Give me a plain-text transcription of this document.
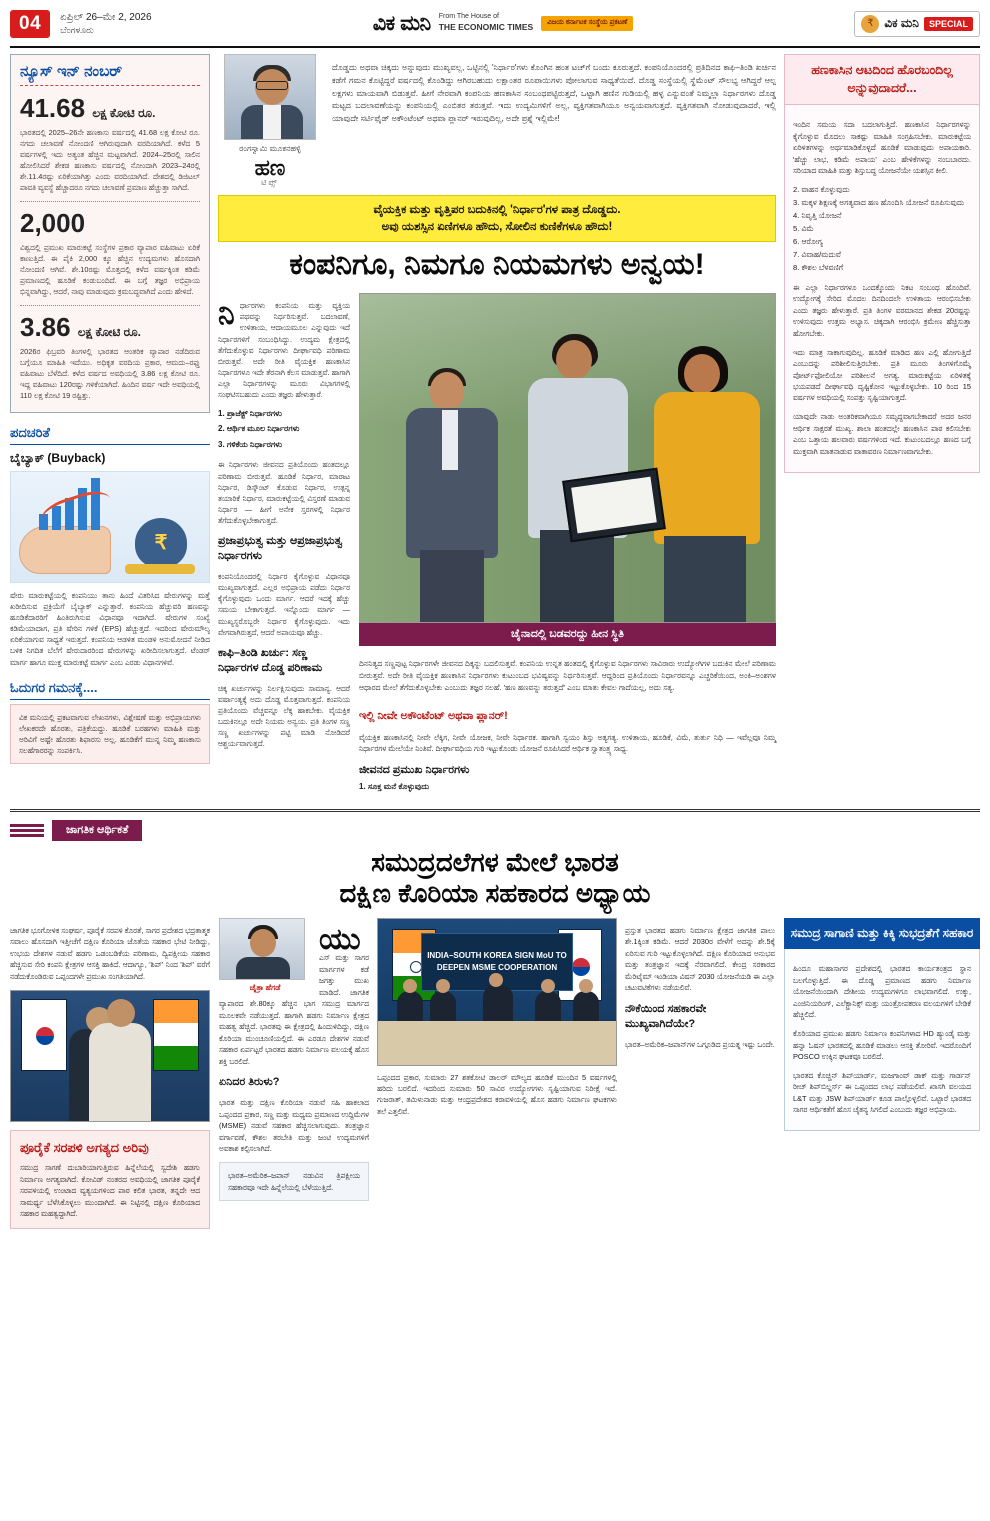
04	ಏಪ್ರಿಲ್ 26–ಮೇ 2, 2026
ಬೆಂಗಳೂರು	ವಿಕ ಮನಿ From The House of
THE ECONOMIC TIMES	ವಿಜಯ ಕರ್ನಾಟಕ ಸಂಸ್ಥೆಯ ಪ್ರಕಟಣೆ	₹ ವಿಕ ಮನಿ	SPECIAL
ನ್ಯೂಸ್ ಇನ್ ನಂಬರ್
41.68 ಲಕ್ಷ ಕೋಟಿ ರೂ.

ಭಾರತದಲ್ಲಿ 2025–26ನೇ ಹಣಕಾಸು ವರ್ಷದಲ್ಲಿ 41.68 ಲಕ್ಷ ಕೋಟಿ ರೂ. ನಗದು ಚಲಾವಣೆ ನೋಂದಣಿ ಆಗಿರುವುದಾಗಿ ವರದಿಯಾಗಿದೆ. ಕಳೆದ 5 ವರ್ಷಗಳಲ್ಲಿ ಇದು ಅತ್ಯಂತ ಹೆಚ್ಚಿನ ಮಟ್ಟವಾಗಿದೆ. 2024–25ರಲ್ಲಿ ಸಾಲಿನ ಹೋಲಿಸಿದರೆ ಶೇಕಡ ಹಣಕಾಸು ವರ್ಷದಲ್ಲಿ ನೋಂದಾಗಿ 2023–24ರಲ್ಲಿ ಶೇ.11.4ರಷ್ಟು ಏರಿಕೆಯಾಗಿತ್ತು ಎಂದು ವರದಿಯಾಗಿದೆ. ದೇಶದಲ್ಲಿ ಡಿಜಿಟಲ್ ಪಾವತಿ ವ್ಯವಸ್ಥೆ ಹೆಚ್ಚಾದರೂ ನಗದು ಚಲಾವಣೆ ಪ್ರಮಾಣ ಹೆಚ್ಚುತ್ತಾ ಸಾಗಿದೆ.

2,000

ವಿಶ್ವದಲ್ಲಿ ಪ್ರಮುಖ ಮಾರುಕಟ್ಟೆ ಸಂಸ್ಥೆಗಳ ಪ್ರಕಾರ ವ್ಯಾಪಾರ ವಹಿವಾಟು ಏರಿಕೆ ಕಾಣುತ್ತಿದೆ. ಈ ಪೈಕಿ 2,000 ಕ್ಕೂ ಹೆಚ್ಚಿನ ಉದ್ಯಮಗಳು ಹೊಸದಾಗಿ ನೋಂದಣಿ ಆಗಿವೆ. ಶೇ.10ರಷ್ಟು ಮೊತ್ತದಲ್ಲಿ ಕಳೆದ ವರ್ಷಕ್ಕಿಂತ ಕಡಿಮೆ ಪ್ರಮಾಣದಲ್ಲಿ ಹೂಡಿಕೆ ಕಂಡುಬಂದಿದೆ. ಈ ಬಗ್ಗೆ ತಜ್ಞರ ಅಭಿಪ್ರಾಯ ಭಿನ್ನವಾಗಿದ್ದು, ಆದರೆ, ನಾವು ಮಾಡುವುದು ಕ್ರಮಬದ್ಧವಾಗಿದೆ ಎಂದು ಹೇಳಿದೆ.

3.86 ಲಕ್ಷ ಕೋಟಿ ರೂ.

2026ರ ಫಿಬ್ರವರಿ ತಿಂಗಳಲ್ಲಿ ಭಾರತದ ಆಂತರಿಕ ವ್ಯಾಪಾರ ನಡೆದಿರುವ ಬಗ್ಗೆಯೂ ಮಾಹಿತಿ ಇದೆಯು. ಅಧಿಕೃತ ವರದಿಯ ಪ್ರಕಾರ, ಆಮದು–ರಫ್ತು ವಹಿವಾಟು ಬೆಳೆದಿದೆ. ಕಳೆದ ವರ್ಷದ ಅವಧಿಯಲ್ಲಿ 3.86 ಲಕ್ಷ ಕೋಟಿ ರೂ. ಇದ್ದ ವಹಿವಾಟು 120ರಷ್ಟು ಗಳಿಕೆಯಾಗಿದೆ. ಹಿಂದಿನ ವರ್ಷ ಇದೇ ಅವಧಿಯಲ್ಲಿ 110 ಲಕ್ಷ ಕೋಟಿ 19 ರಷ್ಟಿತ್ತು.

ಪದಚರಿತೆ
ಬೈಬ್ಯಾಕ್ (Buyback)
₹

ಷೇರು ಮಾರುಕಟ್ಟೆಯಲ್ಲಿ ಕಂಪನಿಯು ತಾನು ಹಿಂದೆ ವಿತರಿಸಿದ ಷೇರುಗಳನ್ನು ಮತ್ತೆ ಖರೀದಿಸುವ ಪ್ರಕ್ರಿಯೆಗೆ ಬೈಬ್ಯಾಕ್ ಎನ್ನುತ್ತಾರೆ. ಕಂಪನಿಯ ಹೆಚ್ಚುವರಿ ಹಣವನ್ನು ಹೂಡಿಕೆದಾರರಿಗೆ ಹಿಂತಿರುಗಿಸುವ ವಿಧಾನವೂ ಇದಾಗಿದೆ. ಷೇರುಗಳ ಸಂಖ್ಯೆ ಕಡಿಮೆಯಾದಾಗ, ಪ್ರತಿ ಷೇರಿನ ಗಳಿಕೆ (EPS) ಹೆಚ್ಚುತ್ತದೆ. ಇದರಿಂದ ಷೇರುಮೌಲ್ಯ ಏರಿಕೆಯಾಗುವ ಸಾಧ್ಯತೆ ಇರುತ್ತದೆ. ಕಂಪನಿಯ ಆಡಳಿತ ಮಂಡಳಿ ಅನುಮೋದನೆ ನೀಡಿದ ಬಳಿಕ ನಿಗದಿತ ಬೆಲೆಗೆ ಷೇರುದಾರರಿಂದ ಷೇರುಗಳನ್ನು ಖರೀದಿಸಲಾಗುತ್ತದೆ. ಟೆಂಡರ್ ಮಾರ್ಗ ಹಾಗೂ ಮುಕ್ತ ಮಾರುಕಟ್ಟೆ ಮಾರ್ಗ ಎಂಬ ಎರಡು ವಿಧಾನಗಳಿವೆ.

ಓದುಗರ ಗಮನಕ್ಕೆ....

ವಿಕ ಮನಿಯಲ್ಲಿ ಪ್ರಕಟವಾಗುವ ಲೇಖನಗಳು, ವಿಶ್ಲೇಷಣೆ ಮತ್ತು ಅಭಿಪ್ರಾಯಗಳು ಲೇಖಕರದೇ ಹೊರತು, ಪತ್ರಿಕೆಯದ್ದು. ಹೂಡಿಕೆ ಬರಹಗಳು ಮಾಹಿತಿ ಮತ್ತು ಅರಿವಿಗೆ ಅಷ್ಟೇ ಹೊರತು ಶಿಫಾರಸು ಅಲ್ಲ. ಹೂಡಿಕೆಗೆ ಮುನ್ನ ನಿಮ್ಮ ಹಣಕಾಸು ಸಲಹೆಗಾರರನ್ನು ಸಂಪರ್ಕಿಸಿ.

ರಂಗಸ್ವಾಮಿ ಮೂಕನಹಳ್ಳಿ
ಹಣ
ಟಿಪ್ಸ್

ದೊಡ್ಡದು ಅಥವಾ ಚಿಕ್ಕದು ಅನ್ನುವುದು ಮುಖ್ಯವಲ್ಲ, ಒಟ್ಟಿನಲ್ಲಿ 'ನಿರ್ಧಾರ'ಗಳು ಕೊಂಗಿನ ಹಂತ ಟಚ್‌ಗೆ ಬಂದು ಕೂರುತ್ತದೆ. ಕಂಪನಿಯೊಂದರಲ್ಲಿ ಪ್ರತಿದಿನದ ಕಾಫಿ–ತಿಂಡಿ ಖರ್ಚಿನ ಕಡೆಗೆ ಗಮನ ಕೊಟ್ಟಿದ್ದರೆ ವರ್ಷದಲ್ಲಿ ಕೊಂಡಿದ್ದು ಆಗಿರಬಹುದು ಲಕ್ಷಾಂತರ ರೂಪಾಯಿಗಳು ಪೋಲಾಗುವ ಸಾಧ್ಯತೆಯಿದೆ. ದೊಡ್ಡ ಸಂಸ್ಥೆಯಲ್ಲಿ ಸ್ಥೆಮೆಂಟ್ ಸೌಲಭ್ಯ ಆಗಿದ್ದರೆ ಆಲ್ಪ ಲಕ್ಷಗಳು ಮಾಯವಾಗಿ ಬಿಡುತ್ತವೆ. ಹೀಗೆ ನೇರವಾಗಿ ಕಂಪನಿಯ ಹಣಕಾಸಿನ ಸಂಬಂಧಪಟ್ಟಿರುತ್ತದೆ, ಒಟ್ಟಾಗಿ ಹಣಿನ ಗುಡಿಯಲ್ಲಿ ಹಳ್ಳ ಎನ್ನುವಂತೆ ನಿಮ್ಮಲ್ಲಾ ನಿರ್ಧಾರಗಳು ದೊಡ್ಡ ಮಟ್ಟದ ಬದಲಾವಣೆಯನ್ನು ಕಂಪನಿಯಲ್ಲಿ ಎಂಬಿತರ ತರುತ್ತವೆ. ಇದು ಉದ್ಯಮಿಗಳಿಗೆ ಅಲ್ಲ, ವ್ಯಕ್ತಿಗತವಾಗಿಯೂ ಅನ್ವಯವಾಗುತ್ತದೆ. ವ್ಯಕ್ತಿಗತವಾಗಿ ನೋಡುವುದಾದರೆ, ಇಲ್ಲಿ ಯಾವುದೇ ಸರ್ಟಿಫೈಡ್ ಅಕೌಂಟೆಂಟ್ ಅಥವಾ ಪ್ಲಾನರ್ ಇರುವುದಿಲ್ಲ, ಅದೇ ಪ್ರಶ್ನೆ ಇಲ್ಲಿಮೇ!

ವೈಯಕ್ತಿಕ ಮತ್ತು ವೃತ್ತಿಪರ ಬದುಕಿನಲ್ಲಿ 'ನಿರ್ಧಾರ'ಗಳ ಪಾತ್ರ ದೊಡ್ಡದು.

ಅವು ಯಶಸ್ಸಿನ ಏಣಿಗಳೂ ಹೌದು, ಸೋಲಿನ ಕುಣಿಕೆಗಳೂ ಹೌದು!

ಕಂಪನಿಗೂ, ನಿಮಗೂ ನಿಯಮಗಳು ಅನ್ವಯ!

ನಿ ರ್ಧಾರಗಳು ಕಂಪನಿಯ ಮತ್ತು ವ್ಯಕ್ತಿಯ ಪಥವನ್ನು ನಿರ್ಧರಿಸುತ್ತವೆ. ಬದಲಾವಣೆ, ಉಳಿತಾಯ, ಆದಾಯಮೂಲ ಎನ್ನುವುದು ಇದೆ ನಿರ್ಧಾರಗಳಿಗೆ ಸಂಬಂಧಿಸಿದ್ದು. ಉದ್ಯಮ ಕ್ಷೇತ್ರದಲ್ಲಿ ತೆಗೆದುಕೊಳ್ಳುವ ನಿರ್ಧಾರಗಳು ದೀರ್ಘಾವಧಿ ಪರಿಣಾಮ ಬೀರುತ್ತವೆ. ಅದೇ ರೀತಿ ವೈಯಕ್ತಿಕ ಹಣಕಾಸಿನ ನಿರ್ಧಾರಗಳೂ ಇದೇ ತೆರನಾಗಿ ಕೆಲಸ ಮಾಡುತ್ತವೆ. ಹಾಗಾಗಿ ಎಲ್ಲಾ ನಿರ್ಧಾರಗಳನ್ನು ಮೂರು ವಿಭಾಗಗಳಲ್ಲಿ ಸಂಘಟಿಸಬಹುದು ಎಂದು ತಜ್ಞರು ಹೇಳುತ್ತಾರೆ.

1. ಪ್ರಾಜೆಕ್ಟ್ ನಿರ್ಧಾರಗಳು
2. ಆರ್ಥಿಕ ಮೂಲ ನಿರ್ಧಾರಗಳು
3. ಗಳಿಕೆಯ ನಿರ್ಧಾರಗಳು

ಈ ನಿರ್ಧಾರಗಳು ಜೀವನದ ಪ್ರತಿಯೊಂದು ಹಂತದಲ್ಲೂ ಪರಿಣಾಮ ಬೀರುತ್ತವೆ. ಹೂಡಿಕೆ ನಿರ್ಧಾರ, ಮಾರಾಟ ನಿರ್ಧಾರ, ಡಿಸ್ಕೌಂಟ್ ಕೊಡುವ ನಿರ್ಧಾರ, ಉತ್ಪನ್ನ ತಯಾರಿಕೆ ನಿರ್ಧಾರ, ಮಾರುಕಟ್ಟೆಯಲ್ಲಿ ವಿಸ್ತರಣೆ ಮಾಡುವ ನಿರ್ಧಾರ — ಹೀಗೆ ಅನೇಕ ಸ್ತರಗಳಲ್ಲಿ ನಿರ್ಧಾರ ತೆಗೆದುಕೊಳ್ಳಬೇಕಾಗುತ್ತದೆ.

ಪ್ರಜಾಪ್ರಭುತ್ವ ಮತ್ತು ಆಪ್ರಜಾಪ್ರಭುತ್ವ ನಿರ್ಧಾರಗಳು

ಕಂಪನಿಯೊಂದರಲ್ಲಿ ನಿರ್ಧಾರ ಕೈಗೊಳ್ಳುವ ವಿಧಾನವೂ ಮುಖ್ಯವಾಗುತ್ತದೆ. ಎಲ್ಲರ ಅಭಿಪ್ರಾಯ ಪಡೆದು ನಿರ್ಧಾರ ಕೈಗೊಳ್ಳುವುದು ಒಂದು ಮಾರ್ಗ. ಆದರೆ ಇದಕ್ಕೆ ಹೆಚ್ಚು ಸಮಯ ಬೇಕಾಗುತ್ತದೆ. ಇನ್ನೊಂದು ಮಾರ್ಗ — ಮುಖ್ಯಸ್ಥರೊಬ್ಬರೇ ನಿರ್ಧಾರ ಕೈಗೊಳ್ಳುವುದು. ಇದು ವೇಗವಾಗಿರುತ್ತದೆ, ಆದರೆ ಅಪಾಯವೂ ಹೆಚ್ಚು.

ಕಾಫಿ–ತಿಂಡಿ ಖರ್ಚು: ಸಣ್ಣ ನಿರ್ಧಾರಗಳ ದೊಡ್ಡ ಪರಿಣಾಮ

ಚಿಕ್ಕ ಖರ್ಚುಗಳನ್ನು ನಿರ್ಲಕ್ಷಿಸುವುದು ಸಾಮಾನ್ಯ. ಆದರೆ ವರ್ಷಾಂತ್ಯಕ್ಕೆ ಅದು ದೊಡ್ಡ ಮೊತ್ತವಾಗುತ್ತದೆ. ಕಂಪನಿಯ ಪ್ರತಿಯೊಂದು ವೆಚ್ಚವನ್ನೂ ಲೆಕ್ಕ ಹಾಕಬೇಕು. ವೈಯಕ್ತಿಕ ಬದುಕಿನಲ್ಲೂ ಅದೇ ನಿಯಮ ಅನ್ವಯ. ಪ್ರತಿ ತಿಂಗಳ ಸಣ್ಣ ಸಣ್ಣ ಖರ್ಚುಗಳನ್ನು ಪಟ್ಟಿ ಮಾಡಿ ನೋಡಿದರೆ ಆಶ್ಚರ್ಯವಾಗುತ್ತದೆ.

ಚೈನಾದಲ್ಲಿ ಬಡವರದ್ದು ಹೀನ ಸ್ಥಿತಿ

ದಿನನಿತ್ಯದ ಸಣ್ಣಪುಟ್ಟ ನಿರ್ಧಾರಗಳೇ ಜೀವನದ ದಿಕ್ಕನ್ನು ಬದಲಿಸುತ್ತವೆ. ಕಂಪನಿಯ ಉನ್ನತ ಹಂತದಲ್ಲಿ ಕೈಗೊಳ್ಳುವ ನಿರ್ಧಾರಗಳು ಸಾವಿರಾರು ಉದ್ಯೋಗಿಗಳ ಬದುಕಿನ ಮೇಲೆ ಪರಿಣಾಮ ಬೀರುತ್ತವೆ. ಅದೇ ರೀತಿ ವೈಯಕ್ತಿಕ ಹಣಕಾಸಿನ ನಿರ್ಧಾರಗಳು ಕುಟುಂಬದ ಭವಿಷ್ಯವನ್ನು ನಿರ್ಧರಿಸುತ್ತವೆ. ಆದ್ದರಿಂದ ಪ್ರತಿಯೊಂದು ನಿರ್ಧಾರವನ್ನೂ ಎಚ್ಚರಿಕೆಯಿಂದ, ಅಂಕಿ–ಅಂಶಗಳ ಆಧಾರದ ಮೇಲೆ ತೆಗೆದುಕೊಳ್ಳಬೇಕು ಎಂಬುದು ತಜ್ಞರ ಸಲಹೆ. 'ಹಣ ಹಣವನ್ನು ತರುತ್ತದೆ' ಎಂಬ ಮಾತು ಕೇವಲ ಗಾದೆಯಲ್ಲ, ಅದು ಸತ್ಯ.

ಇಲ್ಲಿ ನೀವೇ ಅಕೌಂಟೆಂಟ್ ಅಥವಾ ಪ್ಲಾನರ್!

ವೈಯಕ್ತಿಕ ಹಣಕಾಸಿನಲ್ಲಿ ನೀವೇ ಲೆಕ್ಕಿಗ, ನೀವೇ ಯೋಜಕ, ನೀವೇ ನಿರ್ಧಾರಕ. ಹಾಗಾಗಿ ಸ್ವಯಂ ಶಿಸ್ತು ಅತ್ಯಗತ್ಯ. ಉಳಿತಾಯ, ಹೂಡಿಕೆ, ವಿಮೆ, ತುರ್ತು ನಿಧಿ — ಇವೆಲ್ಲವೂ ನಿಮ್ಮ ನಿರ್ಧಾರಗಳ ಮೇಲೆಯೇ ನಿಂತಿವೆ. ದೀರ್ಘಾವಧಿಯ ಗುರಿ ಇಟ್ಟುಕೊಂಡು ಯೋಜನೆ ರೂಪಿಸಿದರೆ ಆರ್ಥಿಕ ಸ್ವಾತಂತ್ರ್ಯ ಸಾಧ್ಯ.

ಜೀವನದ ಪ್ರಮುಖ ನಿರ್ಧಾರಗಳು
1. ಸೂಕ್ತ ಮನೆ ಕೊಳ್ಳುವುದು
ಹಣಕಾಸಿನ ಆಟದಿಂದ ಹೊರಬಂದಿಲ್ಲ ಅನ್ನುವುದಾದರೆ...

ಇಂದಿನ ಸಮಯ ಸದಾ ಬದಲಾಗುತ್ತಿದೆ. ಹಣಕಾಸಿನ ನಿರ್ಧಾರಗಳನ್ನು ಕೈಗೊಳ್ಳುವ ಮೊದಲು ಸಾಕಷ್ಟು ಮಾಹಿತಿ ಸಂಗ್ರಹಿಸಬೇಕು. ಮಾರುಕಟ್ಟೆಯ ಏರಿಳಿತಗಳನ್ನು ಅರ್ಥಮಾಡಿಕೊಳ್ಳದೆ ಹೂಡಿಕೆ ಮಾಡುವುದು ಅಪಾಯಕಾರಿ. 'ಹೆಚ್ಚು ಲಾಭ, ಕಡಿಮೆ ಅಪಾಯ' ಎಂಬ ಹೇಳಿಕೆಗಳನ್ನು ನಂಬಬಾರದು. ಸರಿಯಾದ ಮಾಹಿತಿ ಮತ್ತು ಶಿಸ್ತುಬದ್ಧ ಯೋಜನೆಯೇ ಯಶಸ್ಸಿನ ಕೀಲಿ.

2. ವಾಹನ ಕೊಳ್ಳುವುದು
3. ಮಕ್ಕಳ ಶಿಕ್ಷಣಕ್ಕೆ ಅಗತ್ಯವಾದ ಹಣ ಹೊಂದಿಸಿ ಯೋಜನೆ ರೂಪಿಸುವುದು
4. ನಿವೃತ್ತಿ ಯೋಜನೆ
5. ವಿಮೆ
6. ಆರೋಗ್ಯ
7. ವಿವಾಹ/ಮದುವೆ
8. ಕೌಶಲ ಬೆಳವಣಿಗೆ

ಈ ಎಲ್ಲಾ ನಿರ್ಧಾರಗಳೂ ಒಂದಕ್ಕೊಂದು ನಿಕಟ ಸಂಬಂಧ ಹೊಂದಿವೆ. ಉದ್ಯೋಗಕ್ಕೆ ಸೇರಿದ ಮೊದಲ ದಿನದಿಂದಲೇ ಉಳಿತಾಯ ಆರಂಭಿಸಬೇಕು ಎಂದು ತಜ್ಞರು ಹೇಳುತ್ತಾರೆ. ಪ್ರತಿ ತಿಂಗಳ ವರಮಾನದ ಶೇಕಡ 20ರಷ್ಟನ್ನು ಉಳಿಸುವುದು ಉತ್ತಮ ಅಭ್ಯಾಸ. ಚಿಕ್ಕದಾಗಿ ಆರಂಭಿಸಿ ಕ್ರಮೇಣ ಹೆಚ್ಚಿಸುತ್ತಾ ಹೋಗಬೇಕು.

ಇದು ಮಾತ್ರ ಸಾಕಾಗುವುದಿಲ್ಲ. ಹೂಡಿಕೆ ಮಾಡಿದ ಹಣ ಎಲ್ಲಿ ಹೋಗುತ್ತಿದೆ ಎಂಬುದನ್ನು ಪರಿಶೀಲಿಸುತ್ತಿರಬೇಕು. ಪ್ರತಿ ಮೂರು ತಿಂಗಳಿಗೊಮ್ಮೆ ಪೋರ್ಟ್‌ಫೋಲಿಯೋ ಪರಿಶೀಲನೆ ಅಗತ್ಯ. ಮಾರುಕಟ್ಟೆಯ ಏರಿಳಿತಕ್ಕೆ ಭಯಪಡದೆ ದೀರ್ಘಾವಧಿ ದೃಷ್ಟಿಕೋನ ಇಟ್ಟುಕೊಳ್ಳಬೇಕು. 10 ರಿಂದ 15 ವರ್ಷಗಳ ಅವಧಿಯಲ್ಲಿ ಸಂಪತ್ತು ಸೃಷ್ಟಿಯಾಗುತ್ತದೆ.

ಯಾವುದೇ ನಾಡು ಅಂತರಿಕವಾಗಿಯೂ ಸಮೃದ್ಧವಾಗಬೇಕಾದರೆ ಅದರ ಜನರ ಆರ್ಥಿಕ ಸಾಕ್ಷರತೆ ಮುಖ್ಯ. ಶಾಲಾ ಹಂತದಲ್ಲೇ ಹಣಕಾಸಿನ ಪಾಠ ಕಲಿಸಬೇಕು ಎಂಬ ಒತ್ತಾಯ ಹಲವಾರು ವರ್ಷಗಳಿಂದ ಇದೆ. ಕುಟುಂಬದಲ್ಲೂ ಹಣದ ಬಗ್ಗೆ ಮುಕ್ತವಾಗಿ ಮಾತನಾಡುವ ವಾತಾವರಣ ನಿರ್ಮಾಣವಾಗಬೇಕು.

ಜಾಗತಿಕ ಆರ್ಥಿಕತೆ
ಸಮುದ್ರದಲೆಗಳ ಮೇಲೆ ಭಾರತ
ದಕ್ಷಿಣ ಕೊರಿಯಾ ಸಹಕಾರದ ಅಧ್ಯಾಯ

ಜಾಗತಿಕ ಭೂಗೋಳಿಕ ಸಂಘರ್ಷ, ಪೂರೈಕೆ ಸರಪಳಿ ಕೊರತೆ, ಸಾಗರ ಪ್ರದೇಶದ ಭದ್ರತಾತ್ಮಕ ಸವಾಲು ಹೊಸದಾಗಿ ಇತ್ತೀಚೆಗೆ ದಕ್ಷಿಣ ಕೊರಿಯಾ ಜೊತೆಯ ಸಹಕಾರ ಭೇಟಿ ನೀಡಿದ್ದು, ಉಭಯ ದೇಶಗಳ ನಡುವೆ ಹಡಗು ಒಡಂಬಡಿಕೆಯ ಪರಿಣಾಮ, ದ್ವಿಪಕ್ಷೀಯ ಸಹಕಾರ ಹೆಚ್ಚಿಸುವ ಸೇರಿ ಕಂಪನಿ ಕ್ಷೇತ್ರಗಳ ಆಸಕ್ತಿ ಹಾಕಿದೆ. ಆದಾಗ್ಯೂ, 'ಶಿಪ್' ನಿಂದ 'ಶಿಪ್' ವರೆಗೆ ನಡೆದುಕೊಂಡಿರುವ ಒಪ್ಪಂದಗಳೇ ಪ್ರಮುಖ ಸಂಗತಿಯಾಗಿದೆ.

ಪೂರೈಕೆ ಸರಪಳಿ ಅಗತ್ಯದ ಅರಿವು

ಸಮುದ್ರ ಸಾಗಣೆ ದುಬಾರಿಯಾಗುತ್ತಿರುವ ಹಿನ್ನೆಲೆಯಲ್ಲಿ ಸ್ವದೇಶಿ ಹಡಗು ನಿರ್ಮಾಣ ಅಗತ್ಯವಾಗಿದೆ. ಕೋವಿಡ್ ನಂತರದ ಅವಧಿಯಲ್ಲಿ ಜಾಗತಿಕ ಪೂರೈಕೆ ಸರಪಳಿಯಲ್ಲಿ ಉಂಟಾದ ವ್ಯತ್ಯಯಗಳಿಂದ ಪಾಠ ಕಲಿತ ಭಾರತ, ತನ್ನದೇ ಆದ ಸಾಮರ್ಥ್ಯ ಬೆಳೆಸಿಕೊಳ್ಳಲು ಮುಂದಾಗಿದೆ. ಈ ನಿಟ್ಟಿನಲ್ಲಿ ದಕ್ಷಿಣ ಕೊರಿಯಾದ ಸಹಕಾರ ಮಹತ್ವದ್ದಾಗಿದೆ.

ಚೈತ್ರಾ ಹೆಗಡೆ

ಯು
ಎಸ್ ಮತ್ತು ಸಾಗರ ಮಾರ್ಗಗಳ ಕಡೆ ಜಗತ್ತು ಮುಖ ಮಾಡಿದೆ. ಜಾಗತಿಕ ವ್ಯಾಪಾರದ ಶೇ.80ಕ್ಕೂ ಹೆಚ್ಚಿನ ಭಾಗ ಸಮುದ್ರ ಮಾರ್ಗದ ಮೂಲಕವೇ ನಡೆಯುತ್ತದೆ. ಹಾಗಾಗಿ ಹಡಗು ನಿರ್ಮಾಣ ಕ್ಷೇತ್ರದ ಮಹತ್ವ ಹೆಚ್ಚಿದೆ. ಭಾರತವು ಈ ಕ್ಷೇತ್ರದಲ್ಲಿ ಹಿಂದುಳಿದಿದ್ದು, ದಕ್ಷಿಣ ಕೊರಿಯಾ ಮುಂಚೂಣಿಯಲ್ಲಿದೆ. ಈ ಎರಡೂ ದೇಶಗಳ ನಡುವೆ ಸಹಕಾರ ಏರ್ಪಟ್ಟರೆ ಭಾರತದ ಹಡಗು ನಿರ್ಮಾಣ ವಲಯಕ್ಕೆ ಹೊಸ ಶಕ್ತಿ ಬರಲಿದೆ.

ಏನಿದರ ತಿರುಳು?

ಭಾರತ ಮತ್ತು ದಕ್ಷಿಣ ಕೊರಿಯಾ ನಡುವೆ ಸಹಿ ಹಾಕಲಾದ ಒಪ್ಪಂದದ ಪ್ರಕಾರ, ಸಣ್ಣ ಮತ್ತು ಮಧ್ಯಮ ಪ್ರಮಾಣದ ಉದ್ದಿಮೆಗಳ (MSME) ನಡುವೆ ಸಹಕಾರ ಹೆಚ್ಚಿಸಲಾಗುವುದು. ತಂತ್ರಜ್ಞಾನ ವರ್ಗಾವಣೆ, ಕೌಶಲ ತರಬೇತಿ ಮತ್ತು ಜಂಟಿ ಉದ್ಯಮಗಳಿಗೆ ಅವಕಾಶ ಕಲ್ಪಿಸಲಾಗಿದೆ.

ಭಾರತ–ಅಮೆರಿಕ–ಜಪಾನ್ ನಡುವಿನ ತ್ರಿಪಕ್ಷೀಯ ಸಹಕಾರವೂ ಇದೇ ಹಿನ್ನೆಲೆಯಲ್ಲಿ ಬೆಳೆಯುತ್ತಿದೆ.

INDIA–SOUTH KOREA SIGN MoU TO DEEPEN MSME COOPERATION

ಒಪ್ಪಂದದ ಪ್ರಕಾರ, ಸುಮಾರು 27 ಶತಕೋಟಿ ಡಾಲರ್ ಮೌಲ್ಯದ ಹೂಡಿಕೆ ಮುಂದಿನ 5 ವರ್ಷಗಳಲ್ಲಿ ಹರಿದು ಬರಲಿದೆ. ಇದರಿಂದ ಸುಮಾರು 50 ಸಾವಿರ ಉದ್ಯೋಗಗಳು ಸೃಷ್ಟಿಯಾಗುವ ನಿರೀಕ್ಷೆ ಇದೆ. ಗುಜರಾತ್, ತಮಿಳುನಾಡು ಮತ್ತು ಆಂಧ್ರಪ್ರದೇಶದ ಕರಾವಳಿಯಲ್ಲಿ ಹೊಸ ಹಡಗು ನಿರ್ಮಾಣ ಘಟಕಗಳು ತಲೆ ಎತ್ತಲಿವೆ.

ಪ್ರಸ್ತುತ ಭಾರತದ ಹಡಗು ನಿರ್ಮಾಣ ಕ್ಷೇತ್ರದ ಜಾಗತಿಕ ಪಾಲು ಶೇ.1ಕ್ಕಿಂತ ಕಡಿಮೆ. ಆದರೆ 2030ರ ವೇಳೆಗೆ ಅದನ್ನು ಶೇ.5ಕ್ಕೆ ಏರಿಸುವ ಗುರಿ ಇಟ್ಟುಕೊಳ್ಳಲಾಗಿದೆ. ದಕ್ಷಿಣ ಕೊರಿಯಾದ ಅನುಭವ ಮತ್ತು ತಂತ್ರಜ್ಞಾನ ಇದಕ್ಕೆ ನೆರವಾಗಲಿದೆ. ಕೇಂದ್ರ ಸರಕಾರದ ಮೆರಿಟೈಮ್ ಇಂಡಿಯಾ ವಿಷನ್ 2030 ಯೋಜನೆಯಡಿ ಈ ಎಲ್ಲಾ ಚಟುವಟಿಕೆಗಳು ನಡೆಯಲಿವೆ.

ನೌಕೆಯಿಂದ ಸಹಕಾರವೇ ಮುಖ್ಯವಾಗಿದೆಯೇ?

ಭಾರತ–ಅಮೆರಿಕ–ಜಪಾನ್‌ಗಳ ಒಗ್ಗೂಡಿದ ಪ್ರಯತ್ನ ಇಷ್ಟು ಒಂದೇ.

ಸಮುದ್ರ ಸಾಗಾಣಿ ಮತ್ತು ಕಿಕ್ಕಿ ಸುಭದ್ರತೆಗೆ ಸಹಕಾರ

ಹಿಂದೂ ಮಹಾಸಾಗರ ಪ್ರದೇಶದಲ್ಲಿ ಭಾರತದ ಕಾರ್ಯತಂತ್ರದ ಸ್ಥಾನ ಬಲಗೊಳ್ಳುತ್ತಿದೆ. ಈ ದೊಡ್ಡ ಪ್ರಮಾಣದ ಹಡಗು ನಿರ್ಮಾಣ ಯೋಜನೆಯಿಂದಾಗಿ ದೇಶೀಯ ಉದ್ಯಮಗಳಿಗೂ ಲಾಭವಾಗಲಿದೆ. ಉಕ್ಕು, ಎಂಜಿನಿಯರಿಂಗ್, ಎಲೆಕ್ಟ್ರಾನಿಕ್ಸ್ ಮತ್ತು ಯಂತ್ರೋಪಕರಣ ವಲಯಗಳಿಗೆ ಬೇಡಿಕೆ ಹೆಚ್ಚಲಿದೆ.

ಕೊರಿಯಾದ ಪ್ರಮುಖ ಹಡಗು ನಿರ್ಮಾಣ ಕಂಪನಿಗಳಾದ HD ಹ್ಯುಂಡೈ ಮತ್ತು ಹನ್ವಾ ಓಷನ್ ಭಾರತದಲ್ಲಿ ಹೂಡಿಕೆ ಮಾಡಲು ಆಸಕ್ತಿ ತೋರಿವೆ. ಇದರೊಂದಿಗೆ POSCO ಉಕ್ಕಿನ ಘಟಕವೂ ಬರಲಿದೆ.

ಭಾರತದ ಕೊಚ್ಚಿನ್ ಶಿಪ್‌ಯಾರ್ಡ್, ಮಜಗಾಂವ್ ಡಾಕ್ ಮತ್ತು ಗಾರ್ಡನ್ ರೀಚ್ ಶಿಪ್‌ಬಿಲ್ಡರ್ಸ್ ಈ ಒಪ್ಪಂದದ ಲಾಭ ಪಡೆಯಲಿವೆ. ಖಾಸಗಿ ವಲಯದ L&T ಮತ್ತು JSW ಶಿಪ್‌ಯಾರ್ಡ್ ಕೂಡ ಪಾಲ್ಗೊಳ್ಳಲಿವೆ. ಒಟ್ಟಾರೆ ಭಾರತದ ಸಾಗರ ಆರ್ಥಿಕತೆಗೆ ಹೊಸ ಚೈತನ್ಯ ಸಿಗಲಿದೆ ಎಂಬುದು ತಜ್ಞರ ಅಭಿಪ್ರಾಯ.
